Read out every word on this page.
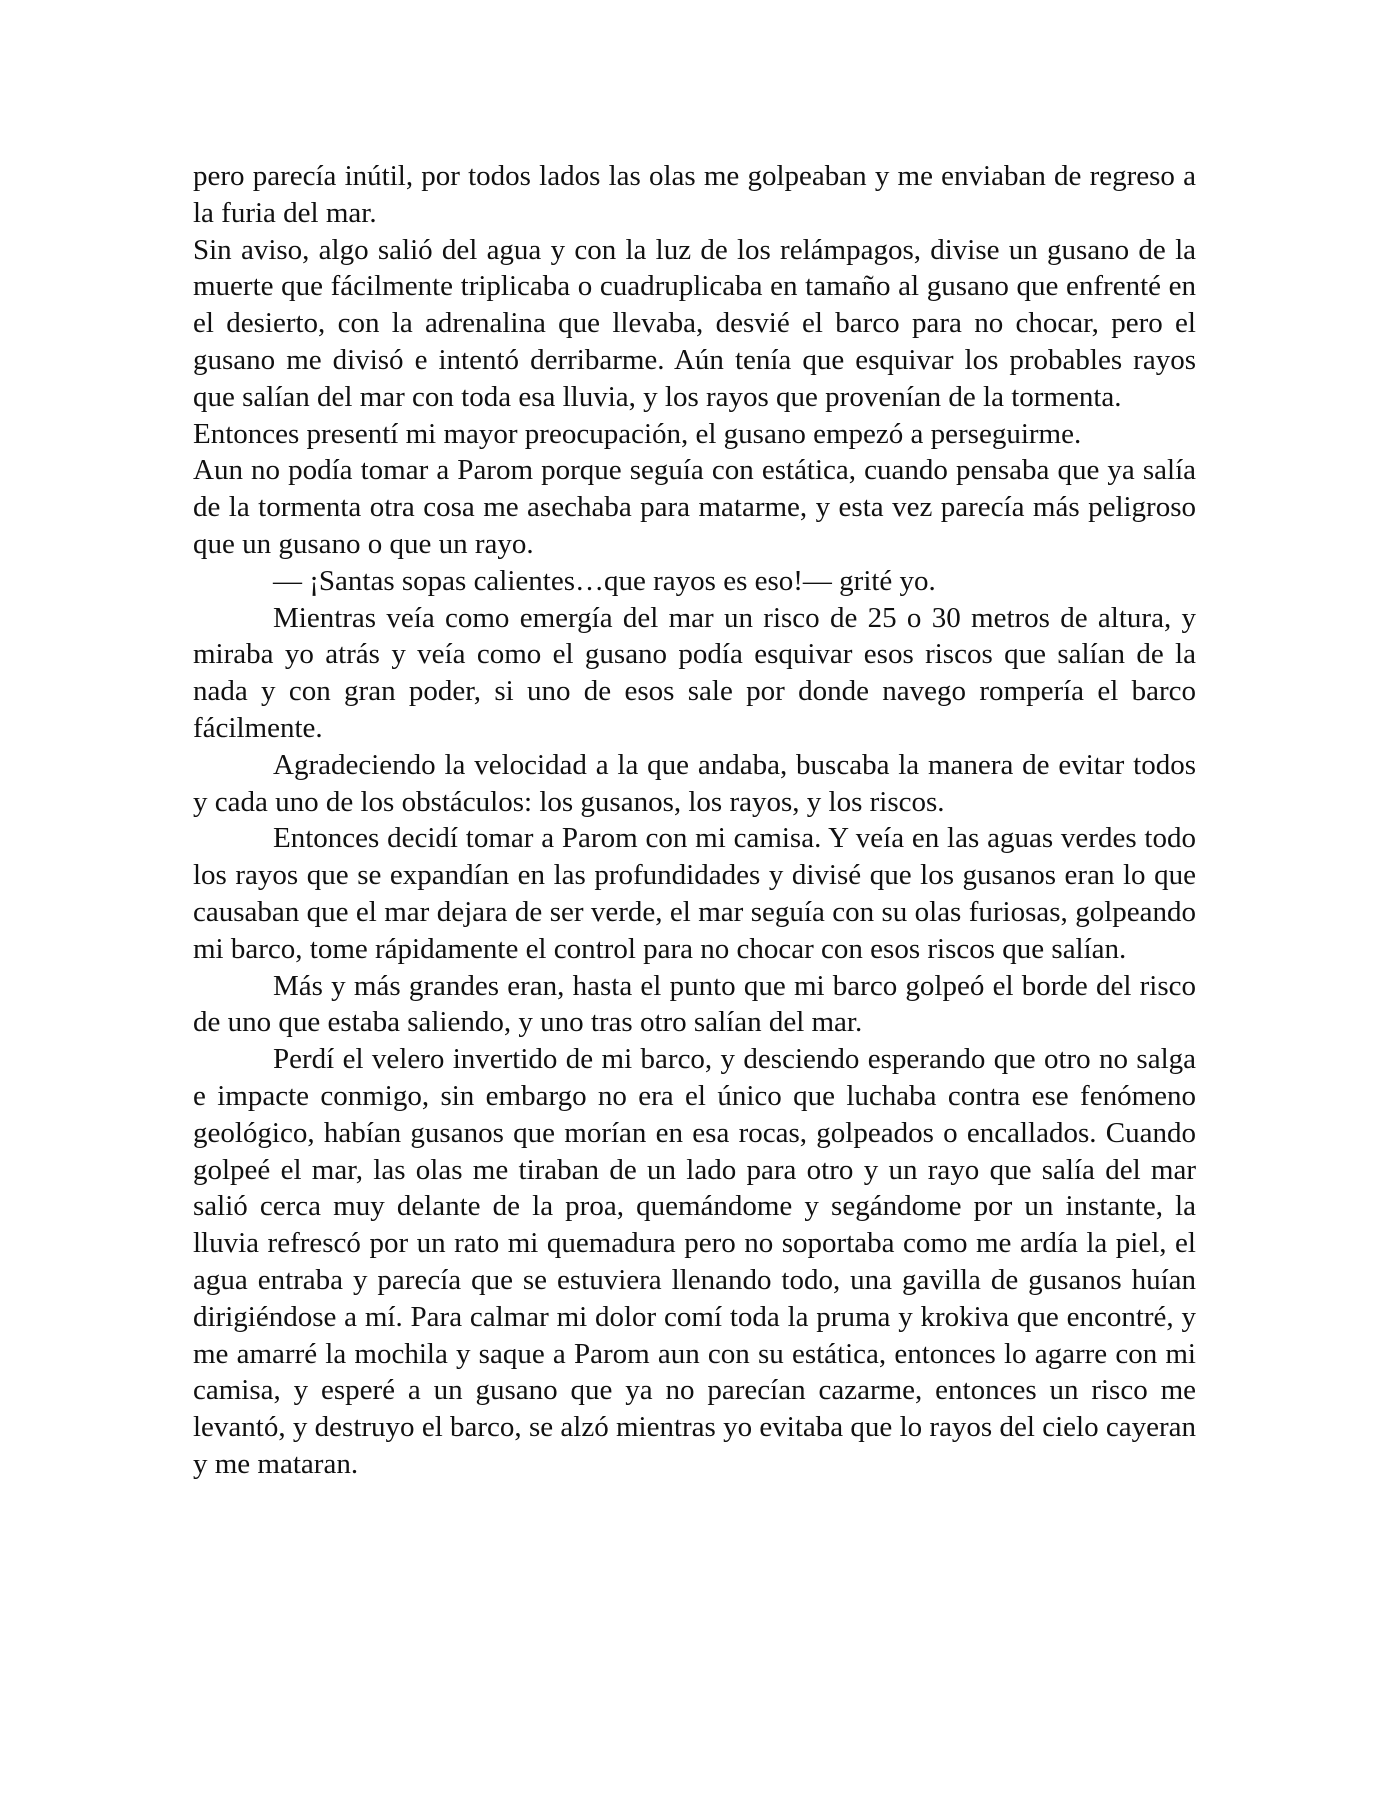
pero parecía inútil, por todos lados las olas me golpeaban y me enviaban de regreso a la furia del mar.

Sin aviso, algo salió del agua y con la luz de los relámpagos, divise un gusano de la muerte que fácilmente triplicaba o cuadruplicaba en tamaño al gusano que enfrenté en el desierto, con la adrenalina que llevaba, desvié el barco para no chocar, pero el gusano me divisó e intentó derribarme. Aún tenía que esquivar los probables rayos que salían del mar con toda esa lluvia, y los rayos que provenían de la tormenta.

Entonces presentí mi mayor preocupación, el gusano empezó a perseguirme.

Aun no podía tomar a Parom porque seguía con estática, cuando pensaba que ya salía de la tormenta otra cosa me asechaba para matarme, y esta vez parecía más peligroso que un gusano o que un rayo.

— ¡Santas sopas calientes…que rayos es eso!— grité yo.

Mientras veía como emergía del mar un risco de 25 o 30 metros de altura, y miraba yo atrás y veía como el gusano podía esquivar esos riscos que salían de la nada y con gran poder, si uno de esos sale por donde navego rompería el barco fácilmente.

Agradeciendo la velocidad a la que andaba, buscaba la manera de evitar todos y cada uno de los obstáculos: los gusanos, los rayos, y los riscos.

Entonces decidí tomar a Parom con mi camisa. Y veía en las aguas verdes todo los rayos que se expandían en las profundidades y divisé que los gusanos eran lo que causaban que el mar dejara de ser verde, el mar seguía con su olas furiosas, golpeando mi barco, tome rápidamente el control para no chocar con esos riscos que salían.

Más y más grandes eran, hasta el punto que mi barco golpeó el borde del risco de uno que estaba saliendo, y uno tras otro salían del mar.

Perdí el velero invertido de mi barco, y desciendo esperando que otro no salga e impacte conmigo, sin embargo no era el único que luchaba contra ese fenómeno geológico, habían gusanos que morían en esa rocas, golpeados o encallados. Cuando golpeé el mar, las olas me tiraban de un lado para otro y un rayo que salía del mar salió cerca muy delante de la proa, quemándome y segándome por un instante, la lluvia refrescó por un rato mi quemadura pero no soportaba como me ardía la piel, el agua entraba y parecía que se estuviera llenando todo, una gavilla de gusanos huían dirigiéndose a mí. Para calmar mi dolor comí toda la pruma y krokiva que encontré, y me amarré la mochila y saque a Parom aun con su estática, entonces lo agarre con mi camisa, y esperé a un gusano que ya no parecían cazarme, entonces un risco me levantó, y destruyo el barco, se alzó mientras yo evitaba que lo rayos del cielo cayeran y me mataran.
